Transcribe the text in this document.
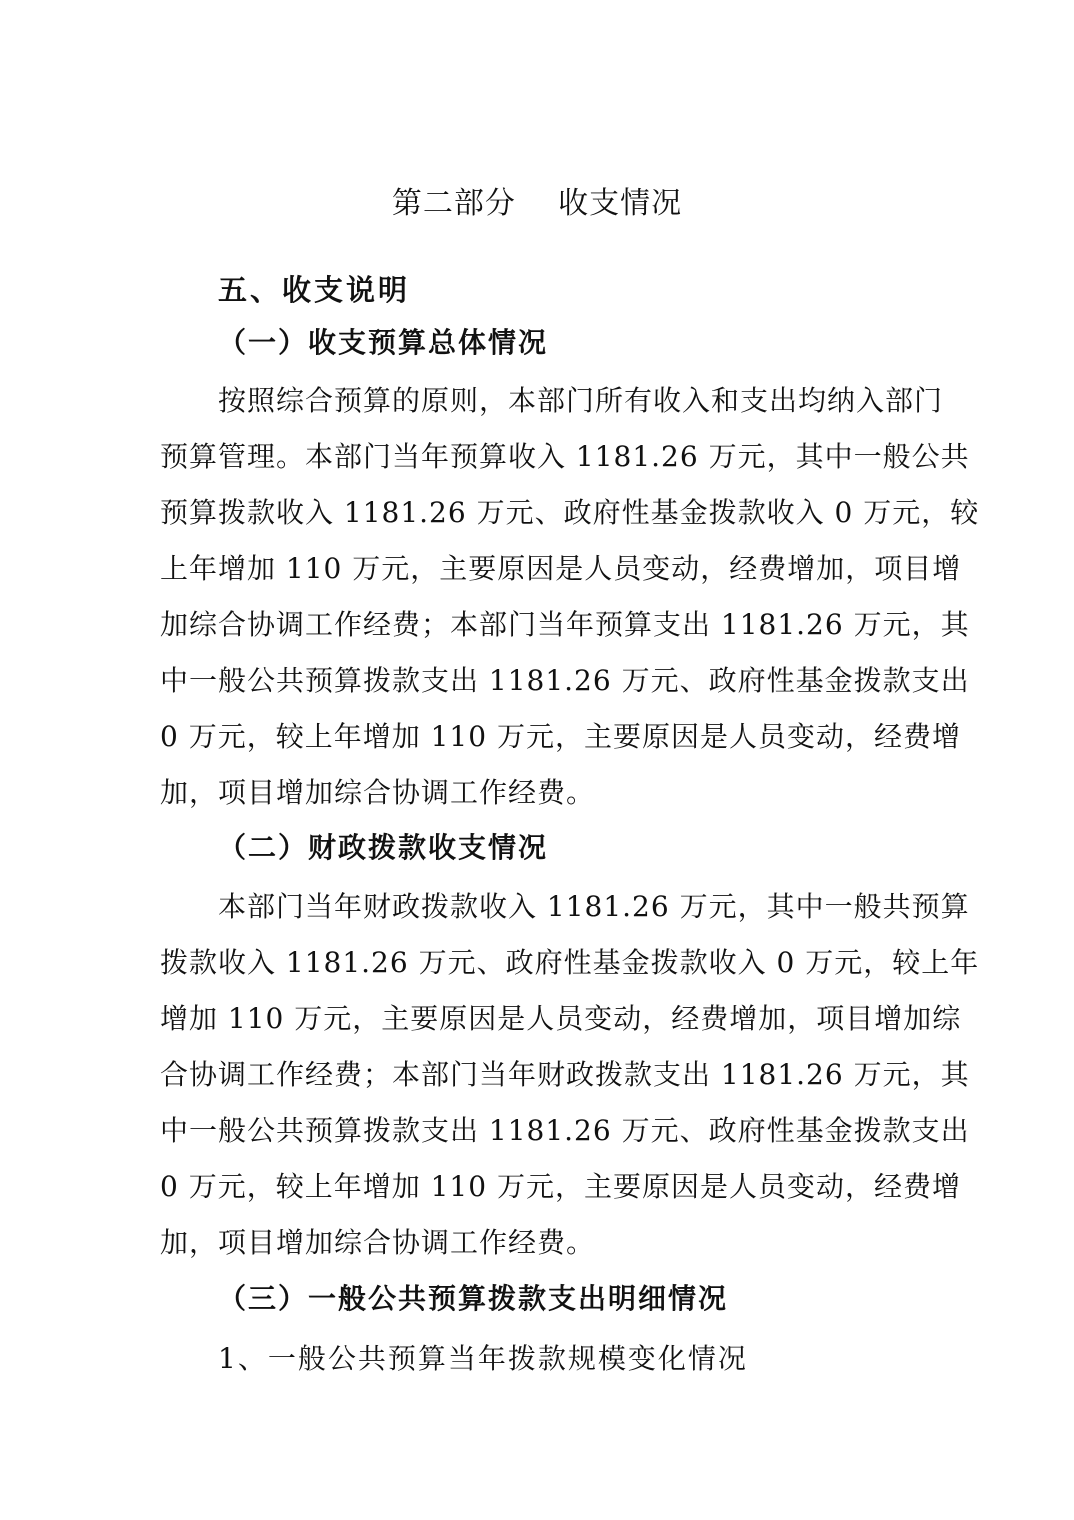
第二部分    收支情况
五、收支说明
（一）收支预算总体情况
按照综合预算的原则，本部门所有收入和支出均纳入部门
预算管理。本部门当年预算收入 1181.26 万元，其中一般公共
预算拨款收入 1181.26 万元、政府性基金拨款收入 0 万元，较
上年增加 110 万元，主要原因是人员变动，经费增加，项目增
加综合协调工作经费；本部门当年预算支出 1181.26 万元，其
中一般公共预算拨款支出 1181.26 万元、政府性基金拨款支出
0 万元，较上年增加 110 万元，主要原因是人员变动，经费增
加，项目增加综合协调工作经费。
（二）财政拨款收支情况
本部门当年财政拨款收入 1181.26 万元，其中一般共预算
拨款收入 1181.26 万元、政府性基金拨款收入 0 万元，较上年
增加 110 万元，主要原因是人员变动，经费增加，项目增加综
合协调工作经费；本部门当年财政拨款支出 1181.26 万元，其
中一般公共预算拨款支出 1181.26 万元、政府性基金拨款支出
0 万元，较上年增加 110 万元，主要原因是人员变动，经费增
加，项目增加综合协调工作经费。
（三）一般公共预算拨款支出明细情况

1、一般公共预算当年拨款规模变化情况
